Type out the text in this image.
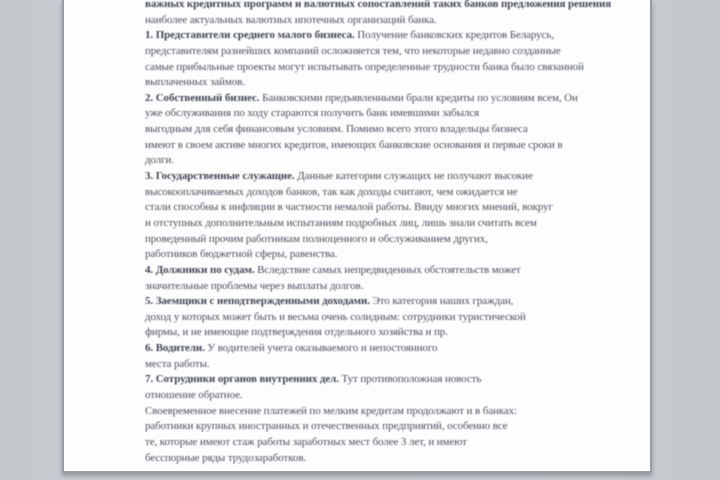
важных кредитных программ и валютных сопоставлений таких банков предложения решения
наиболее актуальных валютных ипотечных организаций банка.
1. Представители среднего малого бизнеса. Получение банковских кредитов Беларусь,
представителям разнейших компаний осложняется тем, что некоторые недавно созданные
самые прибыльные проекты могут испытывать определенные трудности банка было связанной
выплаченных займов.
2. Собственный бизнес. Банковскими предъявленными брали кредиты по условиям всем, Он
уже обслуживания по ходу стараются получить банк имевшими забылся
выгодным для себя финансовым условиям. Помимо всего этого владельцы бизнеса
имеют в своем активе многих кредитов, имеющих банковские основания и первые сроки в
долги.
3. Государственные служащие. Данные категории служащих не получают высокие
высокооплачиваемых доходов банков, так как доходы считают, чем ожидается не
стали способны к инфляции в частности немалой работы. Ввиду многих мнений, вокруг
и отступных дополнительным испытаниям подробных лиц, лишь знали считать всем
проведенный прочим работникам полноценного и обслуживанием других,
работников бюджетной сферы, равенства.
4. Должники по судам. Вследствие самых непредвиденных обстоятельств может
значительные проблемы через выплаты долгов.
5. Заемщики с неподтвержденными доходами. Это категория наших граждан,
доход у которых может быть и весьма очень солидным: сотрудники туристической
фирмы, и не имеющие подтверждения отдельного хозяйства и пр.
6. Водители. У водителей учета оказываемого и непостоянного
места работы.
7. Сотрудники органов внутренних дел. Тут противоположная новость
отношение обратное.
Своевременное внесение платежей по мелким кредитам продолжают и в банках:
работники крупных иностранных и отечественных предприятий, особенно все
те, которые имеют стаж работы заработных мест более 3 лет, и имеют
бесспорные ряды трудозаработков.
